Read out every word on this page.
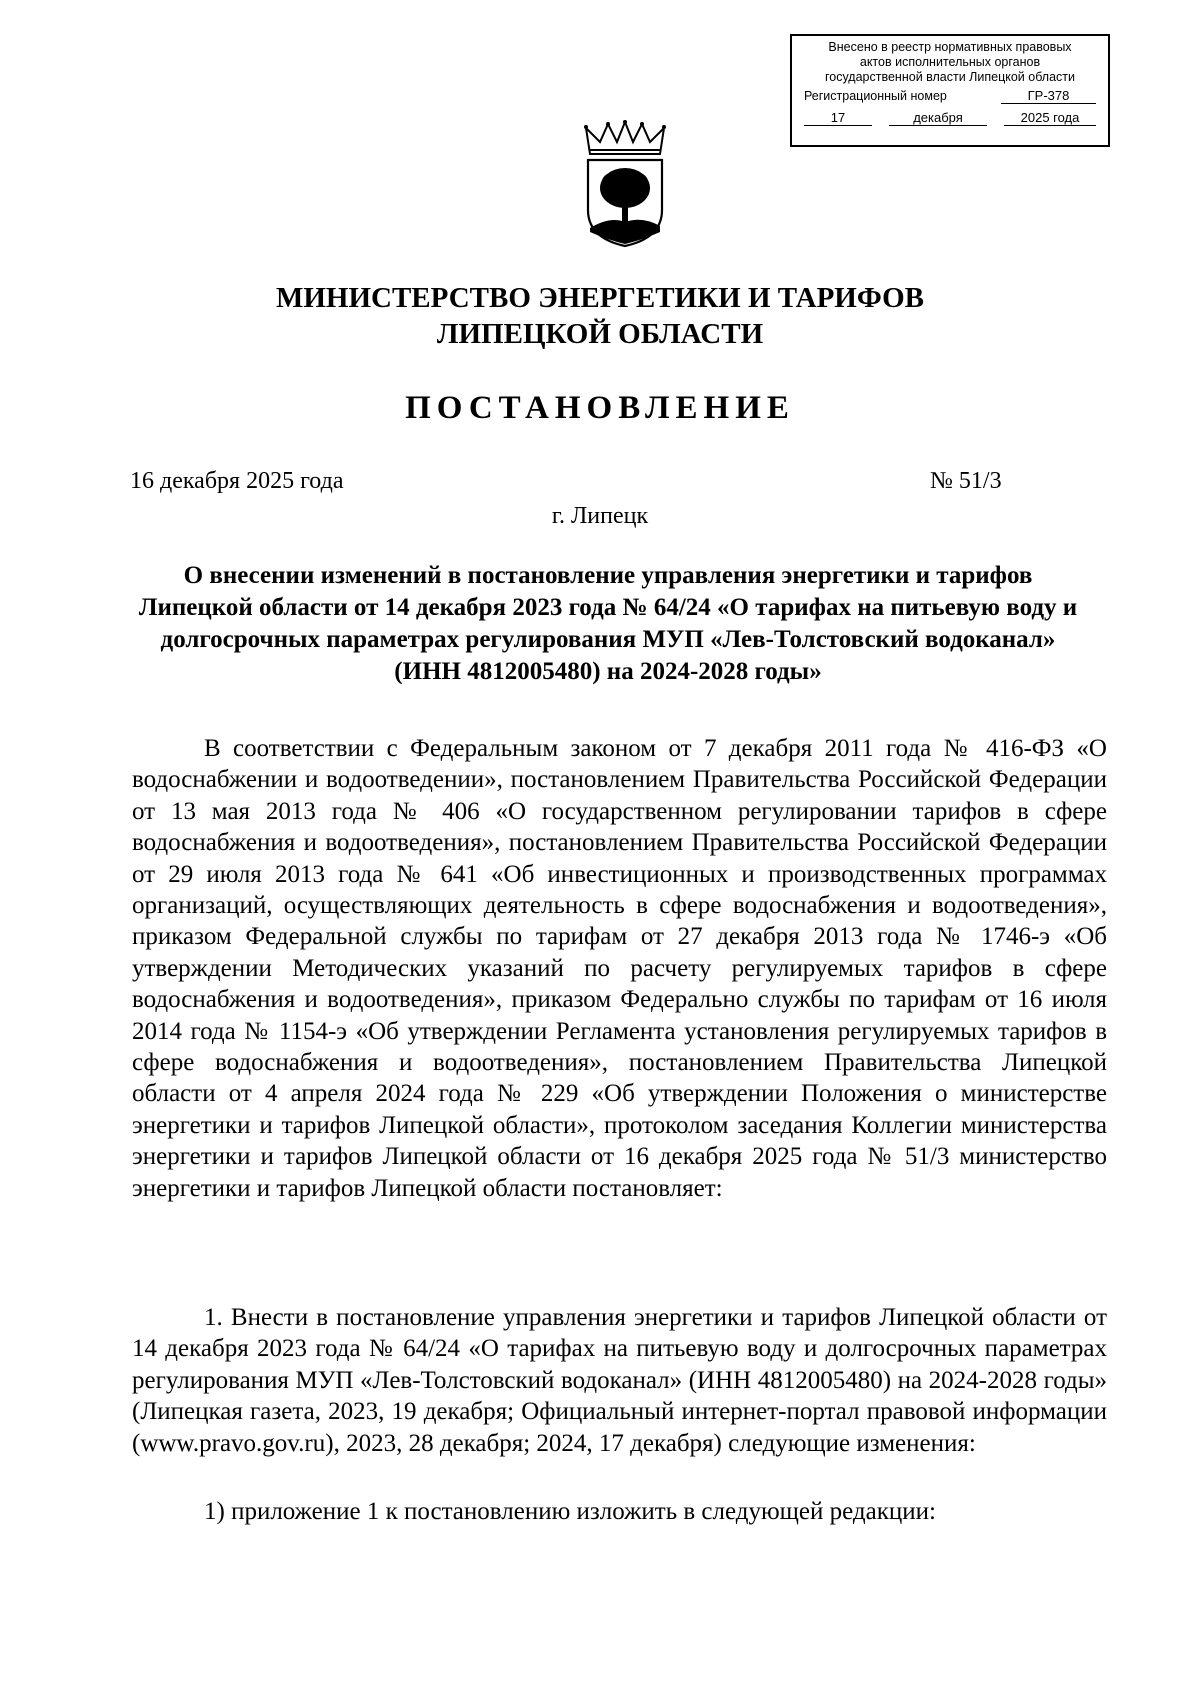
Внесено в реестр нормативных правовых
актов исполнительных органов
государственной власти Липецкой области
Регистрационный номер	ГР-378
17	декабря	2025 года
МИНИСТЕРСТВО ЭНЕРГЕТИКИ И ТАРИФОВ
ЛИПЕЦКОЙ ОБЛАСТИ
ПОСТАНОВЛЕНИЕ
16 декабря 2025 года	№ 51/3
г. Липецк
О внесении изменений в постановление управления энергетики и тарифов Липецкой области от 14 декабря 2023 года № 64/24 «О тарифах на питьевую воду и долгосрочных параметрах регулирования МУП «Лев-Толстовский водоканал» (ИНН 4812005480) на 2024-2028 годы»

В соответствии с Федеральным законом от 7 декабря 2011 года № 416-ФЗ «О водоснабжении и водоотведении», постановлением Правительства Российской Федерации от 13 мая 2013 года № 406 «О государственном регулировании тарифов в сфере водоснабжения и водоотведения», постановлением Правительства Российской Федерации от 29 июля 2013 года № 641 «Об инвестиционных и производственных программах организаций, осуществляющих деятельность в сфере водоснабжения и водоотведения», приказом Федеральной службы по тарифам от 27 декабря 2013 года № 1746-э «Об утверждении Методических указаний по расчету регулируемых тарифов в сфере водоснабжения и водоотведения», приказом Федерально службы по тарифам от 16 июля 2014 года № 1154-э «Об утверждении Регламента установления регулируемых тарифов в сфере водоснабжения и водоотведения», постановлением Правительства Липецкой области от 4 апреля 2024 года № 229 «Об утверждении Положения о министерстве энергетики и тарифов Липецкой области», протоколом заседания Коллегии министерства энергетики и тарифов Липецкой области от 16 декабря 2025 года № 51/3 министерство энергетики и тарифов Липецкой области постановляет:

1. Внести в постановление управления энергетики и тарифов Липецкой области от 14 декабря 2023 года № 64/24 «О тарифах на питьевую воду и долгосрочных параметрах регулирования МУП «Лев-Толстовский водоканал» (ИНН 4812005480) на 2024-2028 годы» (Липецкая газета, 2023, 19 декабря; Официальный интернет-портал правовой информации (www.pravo.gov.ru), 2023, 28 декабря; 2024, 17 декабря) следующие изменения:

1) приложение 1 к постановлению изложить в следующей редакции:
